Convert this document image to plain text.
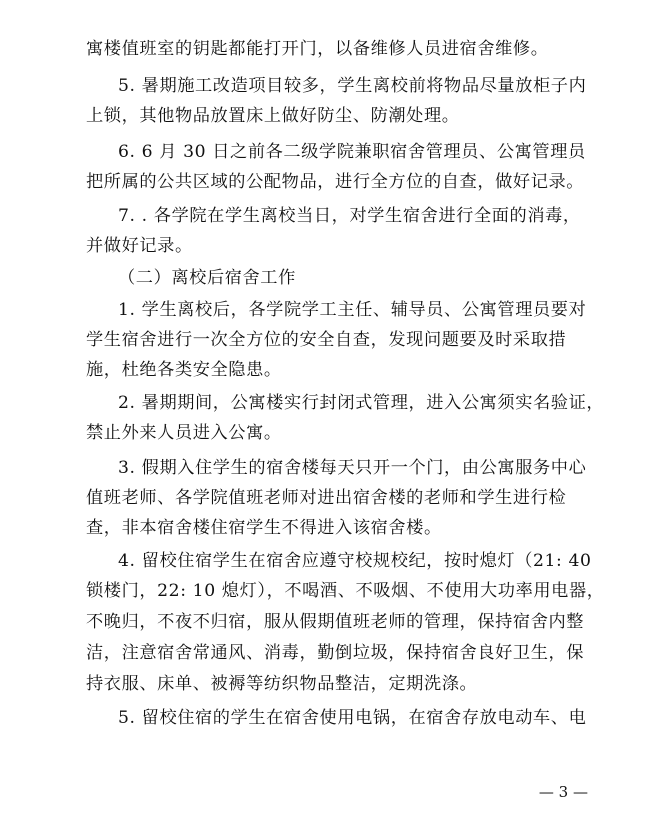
寓楼值班室的钥匙都能打开门，以备维修人员进宿舍维修。
5. 暑期施工改造项目较多，学生离校前将物品尽量放柜子内
上锁，其他物品放置床上做好防尘、防潮处理。
6. 6 月 30 日之前各二级学院兼职宿舍管理员、公寓管理员
把所属的公共区域的公配物品，进行全方位的自查，做好记录。
7. . 各学院在学生离校当日，对学生宿舍进行全面的消毒，
并做好记录。
（二）离校后宿舍工作
1. 学生离校后，各学院学工主任、辅导员、公寓管理员要对
学生宿舍进行一次全方位的安全自查，发现问题要及时采取措
施，杜绝各类安全隐患。
2. 暑期期间，公寓楼实行封闭式管理，进入公寓须实名验证，
禁止外来人员进入公寓。
3. 假期入住学生的宿舍楼每天只开一个门，由公寓服务中心
值班老师、各学院值班老师对进出宿舍楼的老师和学生进行检
查，非本宿舍楼住宿学生不得进入该宿舍楼。
4. 留校住宿学生在宿舍应遵守校规校纪，按时熄灯（21: 40
锁楼门，22: 10 熄灯），不喝酒、不吸烟、不使用大功率用电器，
不晚归，不夜不归宿，服从假期值班老师的管理，保持宿舍内整
洁，注意宿舍常通风、消毒，勤倒垃圾，保持宿舍良好卫生，保
持衣服、床单、被褥等纺织物品整洁，定期洗涤。
5. 留校住宿的学生在宿舍使用电锅，在宿舍存放电动车、电
— 3 —
